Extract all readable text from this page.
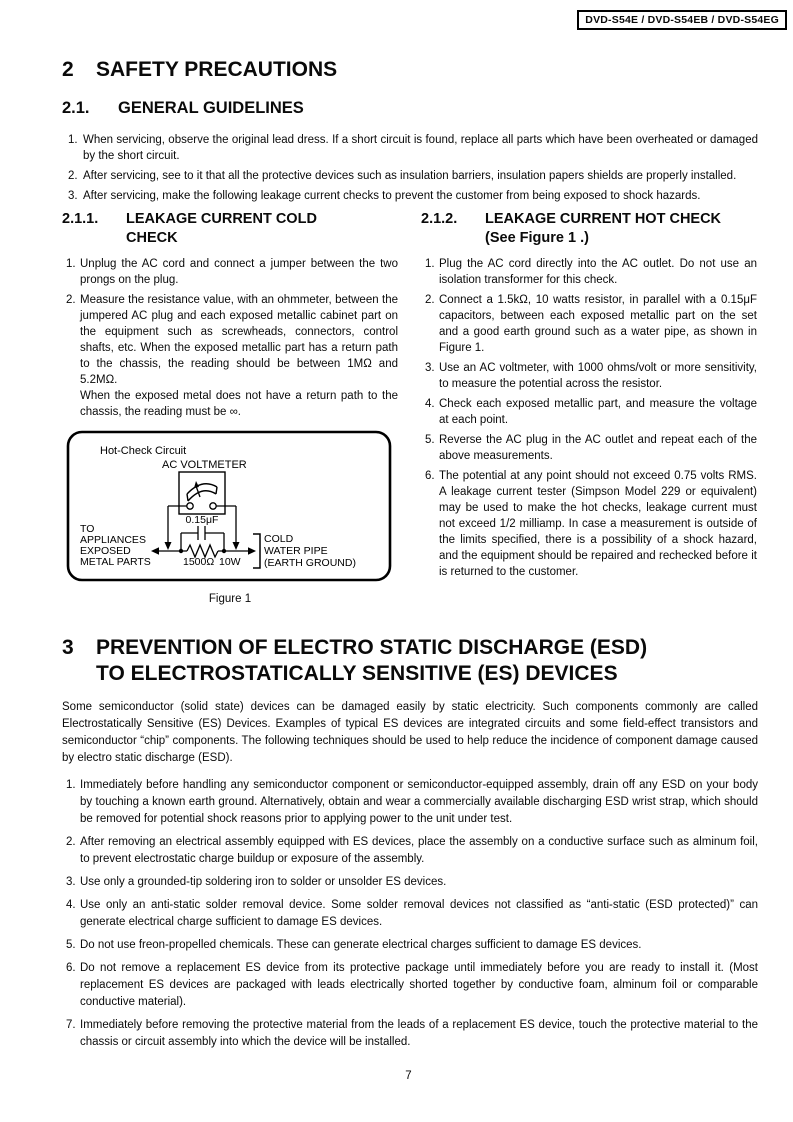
DVD-S54E / DVD-S54EB / DVD-S54EG
2	SAFETY PRECAUTIONS
2.1.	GENERAL GUIDELINES
1. When servicing, observe the original lead dress. If a short circuit is found, replace all parts which have been overheated or damaged by the short circuit.
2. After servicing, see to it that all the protective devices such as insulation barriers, insulation papers shields are properly installed.
3. After servicing, make the following leakage current checks to prevent the customer from being exposed to shock hazards.
2.1.1.	LEAKAGE CURRENT COLD
CHECK
1. Unplug the AC cord and connect a jumper between the two prongs on the plug.
2. Measure the resistance value, with an ohmmeter, between the jumpered AC plug and each exposed metallic cabinet part on the equipment such as screwheads, connectors, control shafts, etc. When the exposed metallic part has a return path to the chassis, the reading should be between 1MΩ and 5.2MΩ.
When the exposed metal does not have a return path to the chassis, the reading must be ∞.
Hot-Check Circuit
AC VOLTMETER
0.15μF
TO
APPLIANCES
EXPOSED
METAL PARTS	1500Ω 10W
COLD
WATER PIPE
(EARTH GROUND)
Figure 1
2.1.2.	LEAKAGE CURRENT HOT CHECK
(See Figure 1 .)
1. Plug the AC cord directly into the AC outlet. Do not use an isolation transformer for this check.
2. Connect a 1.5kΩ, 10 watts resistor, in parallel with a 0.15μF capacitors, between each exposed metallic part on the set and a good earth ground such as a water pipe, as shown in Figure 1.
3. Use an AC voltmeter, with 1000 ohms/volt or more sensitivity, to measure the potential across the resistor.
4. Check each exposed metallic part, and measure the voltage at each point.
5. Reverse the AC plug in the AC outlet and repeat each of the above measurements.
6. The potential at any point should not exceed 0.75 volts RMS. A leakage current tester (Simpson Model 229 or equivalent) may be used to make the hot checks, leakage current must not exceed 1/2 milliamp. In case a measurement is outside of the limits specified, there is a possibility of a shock hazard, and the equipment should be repaired and rechecked before it is returned to the customer.
3	PREVENTION OF ELECTRO STATIC DISCHARGE (ESD)
TO ELECTROSTATICALLY SENSITIVE (ES) DEVICES
Some semiconductor (solid state) devices can be damaged easily by static electricity. Such components commonly are called Electrostatically Sensitive (ES) Devices. Examples of typical ES devices are integrated circuits and some field-effect transistors and semiconductor “chip” components. The following techniques should be used to help reduce the incidence of component damage caused by electro static discharge (ESD).
1. Immediately before handling any semiconductor component or semiconductor-equipped assembly, drain off any ESD on your body by touching a known earth ground. Alternatively, obtain and wear a commercially available discharging ESD wrist strap, which should be removed for potential shock reasons prior to applying power to the unit under test.
2. After removing an electrical assembly equipped with ES devices, place the assembly on a conductive surface such as alminum foil, to prevent electrostatic charge buildup or exposure of the assembly.
3. Use only a grounded-tip soldering iron to solder or unsolder ES devices.
4. Use only an anti-static solder removal device. Some solder removal devices not classified as “anti-static (ESD protected)” can generate electrical charge sufficient to damage ES devices.
5. Do not use freon-propelled chemicals. These can generate electrical charges sufficient to damage ES devices.
6. Do not remove a replacement ES device from its protective package until immediately before you are ready to install it. (Most replacement ES devices are packaged with leads electrically shorted together by conductive foam, alminum foil or comparable conductive material).
7. Immediately before removing the protective material from the leads of a replacement ES device, touch the protective material to the chassis or circuit assembly into which the device will be installed.
7
